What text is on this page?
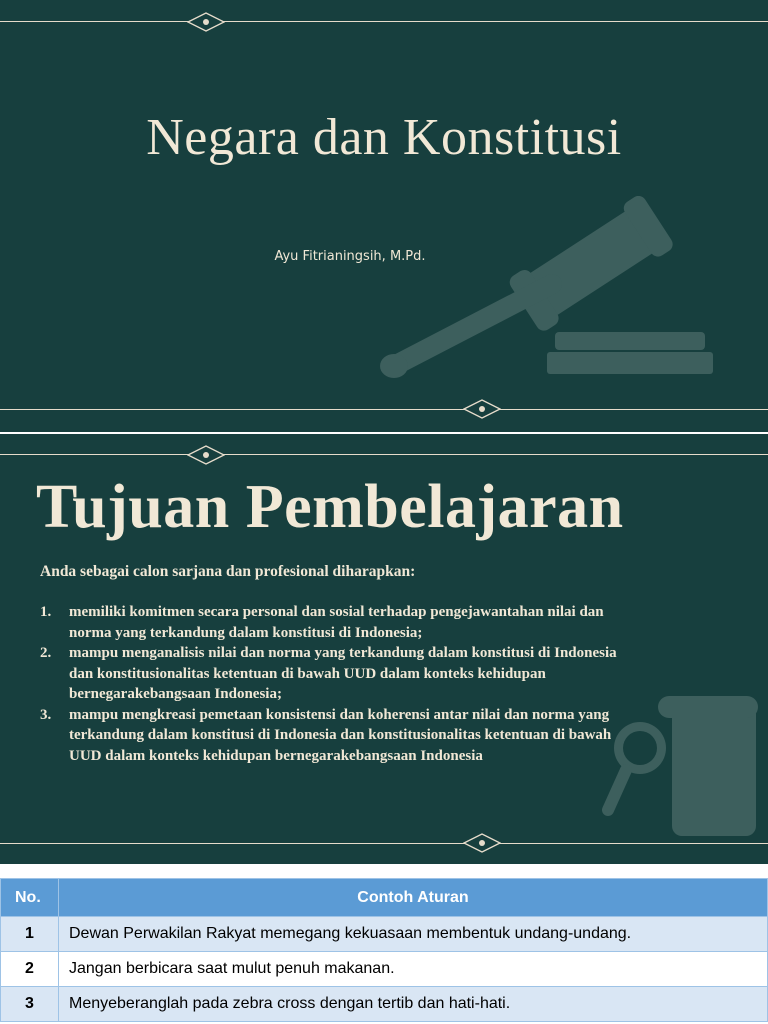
Negara dan Konstitusi
Ayu Fitrianingsih, M.Pd.
Tujuan Pembelajaran
Anda sebagai calon sarjana dan profesional diharapkan:
1.	memiliki komitmen secara personal dan sosial terhadap pengejawantahan nilai dan norma yang terkandung dalam konstitusi di Indonesia;
2.	mampu menganalisis nilai dan norma yang terkandung dalam konstitusi di Indonesia dan konstitusionalitas ketentuan di bawah UUD dalam konteks kehidupan bernegarakebangsaan Indonesia;
3.	mampu mengkreasi pemetaan konsistensi dan koherensi antar nilai dan norma yang terkandung dalam konstitusi di Indonesia dan konstitusionalitas ketentuan di bawah UUD dalam konteks kehidupan bernegarakebangsaan Indonesia
No.	Contoh Aturan
1	Dewan Perwakilan Rakyat memegang kekuasaan membentuk undang-undang.
2	Jangan berbicara saat mulut penuh makanan.
3	Menyeberanglah pada zebra cross dengan tertib dan hati-hati.
